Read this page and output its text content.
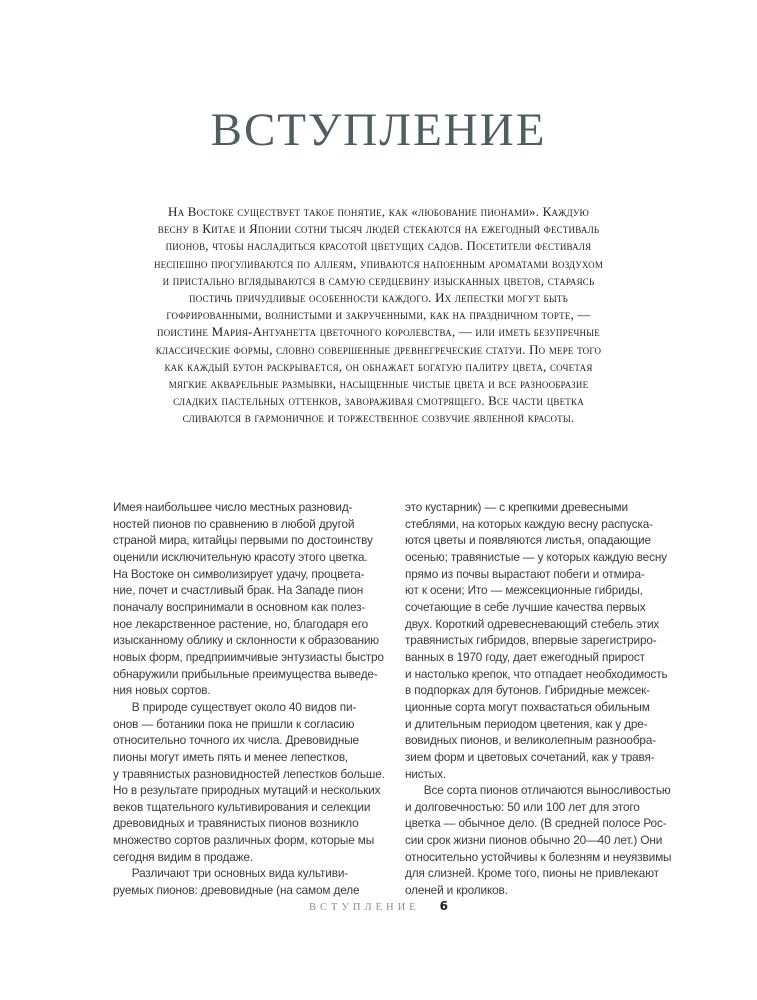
ВСТУПЛЕНИЕ
На Востоке существует такое понятие, как «любование пионами». Каждую
весну в Китае и Японии сотни тысяч людей стекаются на ежегодный фестиваль
пионов, чтобы насладиться красотой цветущих садов. Посетители фестиваля
неспешно прогуливаются по аллеям, упиваются напоенным ароматами воздухом
и пристально вглядываются в самую сердцевину изысканных цветов, стараясь
постичь причудливые особенности каждого. Их лепестки могут быть
гофрированными, волнистыми и закрученными, как на праздничном торте, —
поистине Мария-Антуанетта цветочного королевства, — или иметь безупречные
классические формы, словно совершенные древнегреческие статуи. По мере того
как каждый бутон раскрывается, он обнажает богатую палитру цвета, сочетая
мягкие акварельные размывки, насыщенные чистые цвета и все разнообразие
сладких пастельных оттенков, завораживая смотрящего. Все части цветка
сливаются в гармоничное и торжественное созвучие явленной красоты.
Имея наибольшее число местных разновид-
ностей пионов по сравнению в любой другой
страной мира, китайцы первыми по достоинству
оценили исключительную красоту этого цветка.
На Востоке он символизирует удачу, процвета-
ние, почет и счастливый брак. На Западе пион
поначалу воспринимали в основном как полез-
ное лекарственное растение, но, благодаря его
изысканному облику и склонности к образованию
новых форм, предприимчивые энтузиасты быстро
обнаружили прибыльные преимущества выведе-
ния новых сортов.
В природе существует около 40 видов пи-
онов — ботаники пока не пришли к согласию
относительно точного их числа. Древовидные
пионы могут иметь пять и менее лепестков,
у травянистых разновидностей лепестков больше.
Но в результате природных мутаций и нескольких
веков тщательного культивирования и селекции
древовидных и травянистых пионов возникло
множество сортов различных форм, которые мы
сегодня видим в продаже.
Различают три основных вида культиви-
руемых пионов: древовидные (на самом деле
это кустарник) — с крепкими древесными
стеблями, на которых каждую весну распуска-
ются цветы и появляются листья, опадающие
осенью; травянистые — у которых каждую весну
прямо из почвы вырастают побеги и отмира-
ют к осени; Ито — межсекционные гибриды,
сочетающие в себе лучшие качества первых
двух. Короткий одревесневающий стебель этих
травянистых гибридов, впервые зарегистриро-
ванных в 1970 году, дает ежегодный прирост
и настолько крепок, что отпадает необходимость
в подпорках для бутонов. Гибридные межсек-
ционные сорта могут похвастаться обильным
и длительным периодом цветения, как у дре-
вовидных пионов, и великолепным разнообра-
зием форм и цветовых сочетаний, как у травя-
нистых.
Все сорта пионов отличаются выносливостью
и долговечностью: 50 или 100 лет для этого
цветка — обычное дело. (В средней полосе Рос-
сии срок жизни пионов обычно 20—40 лет.) Они
относительно устойчивы к болезням и неуязвимы
для слизней. Кроме того, пионы не привлекают
оленей и кроликов.
ВСТУПЛЕНИЕ 6
